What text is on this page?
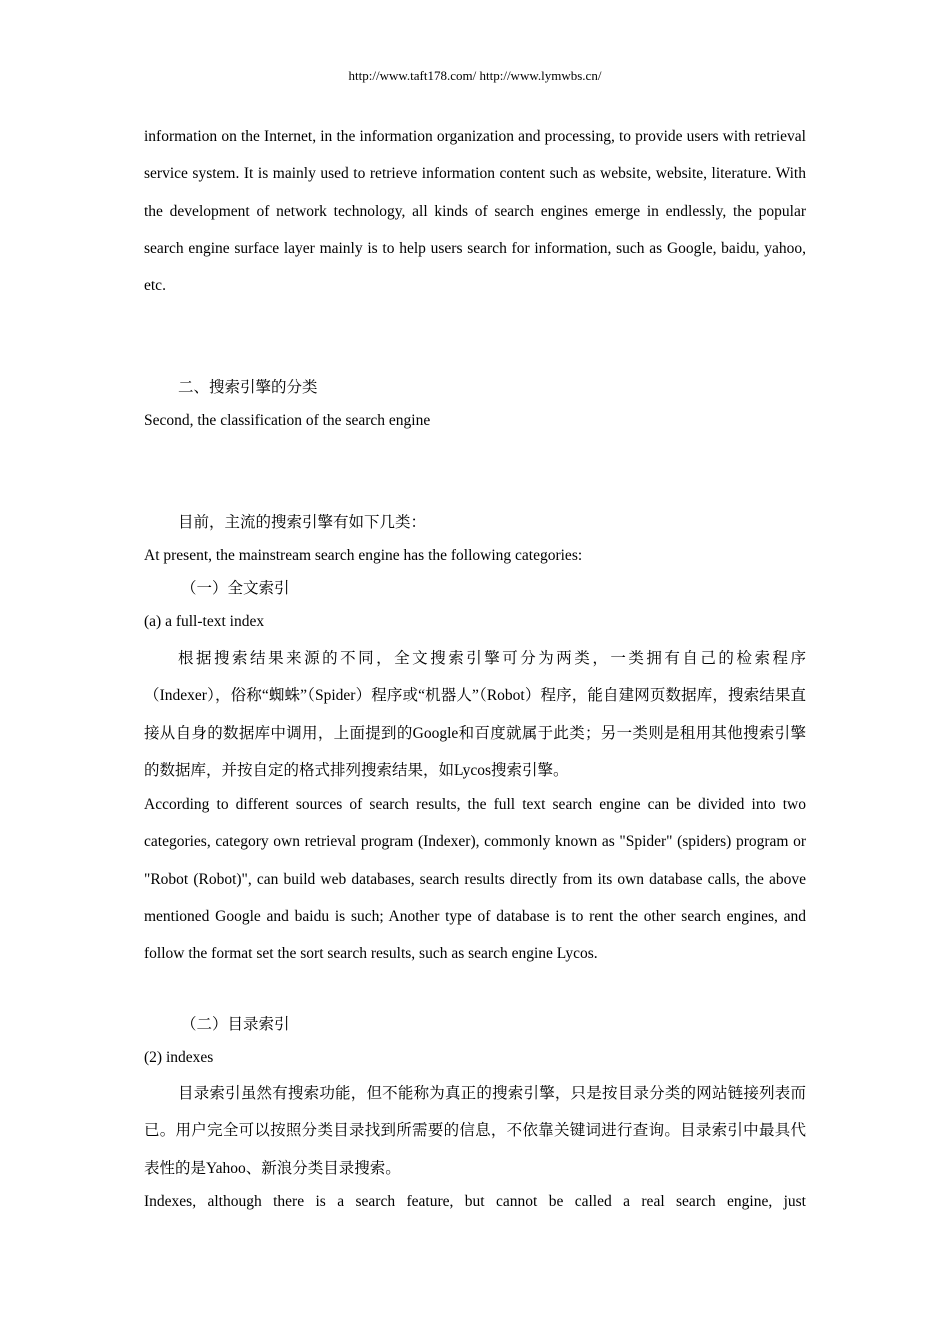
http://www.taft178.com/ http://www.lymwbs.cn/

information on the Internet, in the information organization and processing, to provide users with retrieval service system. It is mainly used to retrieve information content such as website, website, literature. With the development of network technology, all kinds of search engines emerge in endlessly, the popular search engine surface layer mainly is to help users search for information, such as Google, baidu, yahoo, etc.

二、搜索引擎的分类
Second, the classification of the search engine
目前，主流的搜索引擎有如下几类：
At present, the mainstream search engine has the following categories:
（一）全文索引
(a) a full-text index

根据搜索结果来源的不同，全文搜索引擎可分为两类，一类拥有自己的检索程序（Indexer），俗称“蜘蛛”（Spider）程序或“机器人”（Robot）程序，能自建网页数据库，搜索结果直接从自身的数据库中调用，上面提到的Google和百度就属于此类；另一类则是租用其他搜索引擎的数据库，并按自定的格式排列搜索结果，如Lycos搜索引擎。

According to different sources of search results, the full text search engine can be divided into two categories, category own retrieval program (Indexer), commonly known as "Spider" (spiders) program or "Robot (Robot)", can build web databases, search results directly from its own database calls, the above mentioned Google and baidu is such; Another type of database is to rent the other search engines, and follow the format set the sort search results, such as search engine Lycos.

（二）目录索引
(2) indexes

目录索引虽然有搜索功能，但不能称为真正的搜索引擎，只是按目录分类的网站链接列表而已。用户完全可以按照分类目录找到所需要的信息，不依靠关键词进行查询。目录索引中最具代表性的是Yahoo、新浪分类目录搜索。

Indexes, although there is a search feature, but cannot be called a real search engine, just
